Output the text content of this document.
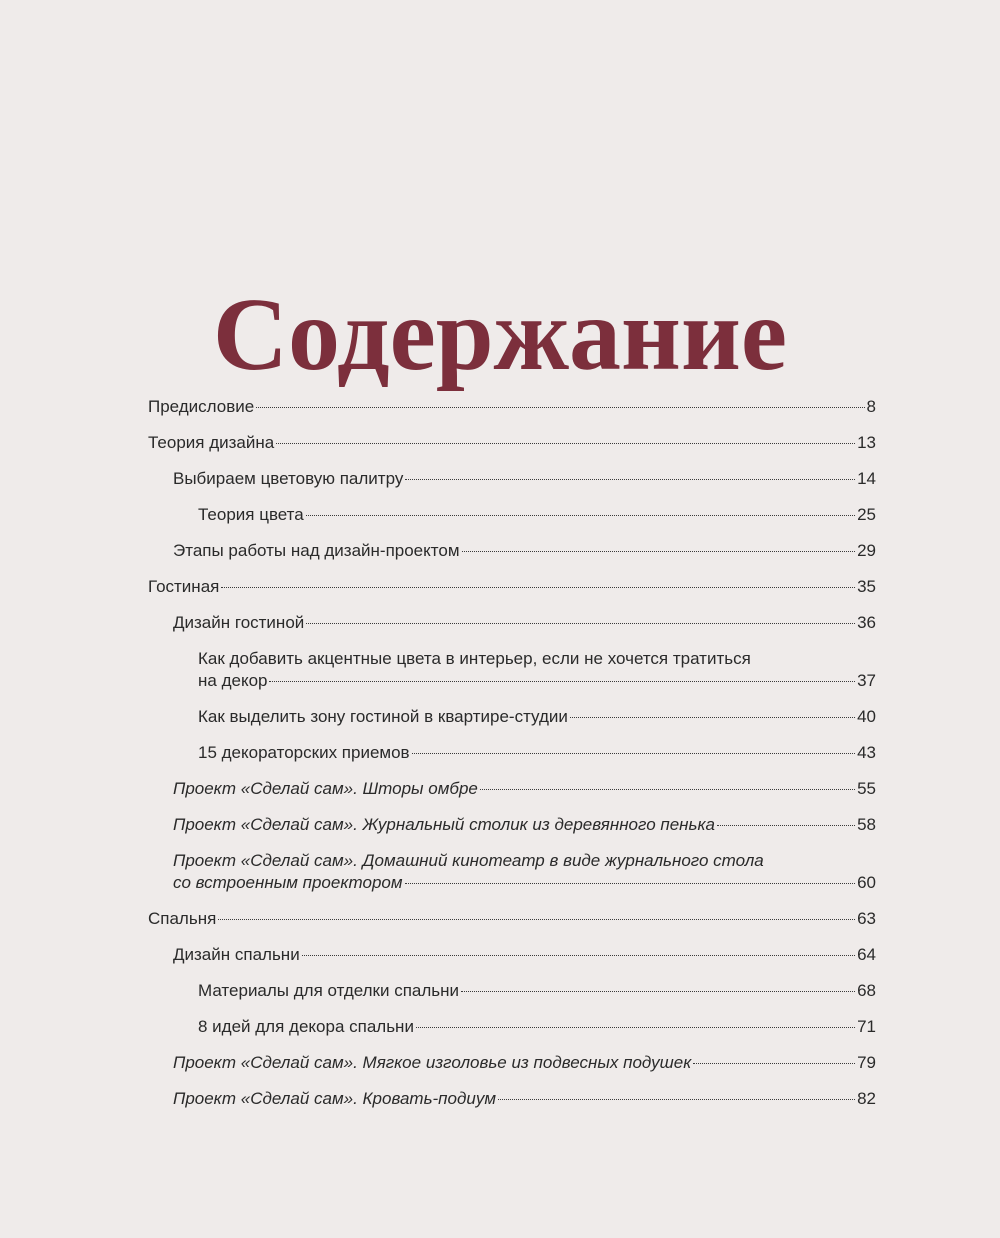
Содержание
Предисловие	8
Теория дизайна	13
Выбираем цветовую палитру	14
Теория цвета	25
Этапы работы над дизайн-проектом	29
Гостиная	35
Дизайн гостиной	36
Как добавить акцентные цвета в интерьер, если не хочется тратиться
на декор	37
Как выделить зону гостиной в квартире-студии	40
15 декораторских приемов	43
Проект «Сделай сам». Шторы омбре	55
Проект «Сделай сам». Журнальный столик из деревянного пенька	58
Проект «Сделай сам». Домашний кинотеатр в виде журнального стола
со встроенным проектором	60
Спальня	63
Дизайн спальни	64
Материалы для отделки спальни	68
8 идей для декора спальни	71
Проект «Сделай сам». Мягкое изголовье из подвесных подушек	79
Проект «Сделай сам». Кровать-подиум	82
